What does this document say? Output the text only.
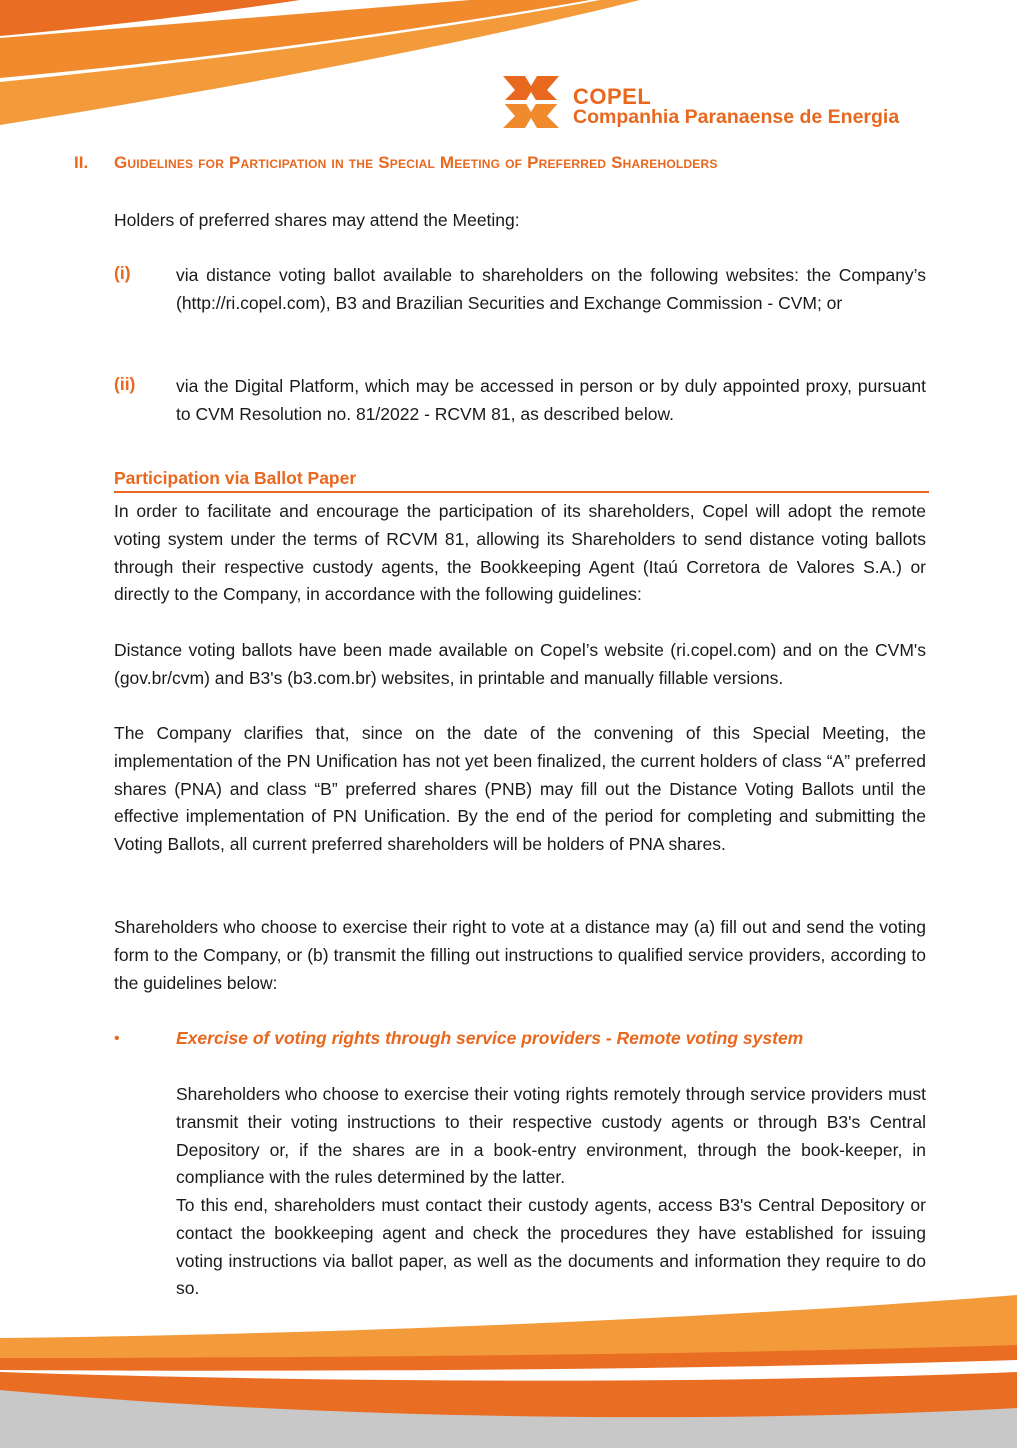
COPEL
Companhia Paranaense de Energia
II. Guidelines for Participation in the Special Meeting of Preferred Shareholders
Holders of preferred shares may attend the Meeting:
(i)	via distance voting ballot available to shareholders on the following websites: the Company’s (http://ri.copel.com), B3 and Brazilian Securities and Exchange Commission - CVM; or
(ii) via the Digital Platform, which may be accessed in person or by duly appointed proxy, pursuant to CVM Resolution no. 81/2022 - RCVM 81, as described below.
Participation via Ballot Paper
In order to facilitate and encourage the participation of its shareholders, Copel will adopt the remote voting system under the terms of RCVM 81, allowing its Shareholders to send distance voting ballots through their respective custody agents, the Bookkeeping Agent (Itaú Corretora de Valores S.A.) or directly to the Company, in accordance with the following guidelines:
Distance voting ballots have been made available on Copel’s website (ri.copel.com) and on the CVM's (gov.br/cvm) and B3's (b3.com.br) websites, in printable and manually fillable versions.
The Company clarifies that, since on the date of the convening of this Special Meeting, the implementation of the PN Unification has not yet been finalized, the current holders of class “A” preferred shares (PNA) and class “B” preferred shares (PNB) may fill out the Distance Voting Ballots until the effective implementation of PN Unification. By the end of the period for completing and submitting the Voting Ballots, all current preferred shareholders will be holders of PNA shares.
Shareholders who choose to exercise their right to vote at a distance may (a) fill out and send the voting form to the Company, or (b) transmit the filling out instructions to qualified service providers, according to the guidelines below:
•	Exercise of voting rights through service providers - Remote voting system
Shareholders who choose to exercise their voting rights remotely through service providers must transmit their voting instructions to their respective custody agents or through B3's Central Depository or, if the shares are in a book-entry environment, through the book-keeper, in compliance with the rules determined by the latter.
To this end, shareholders must contact their custody agents, access B3's Central Depository or contact the bookkeeping agent and check the procedures they have established for issuing voting instructions via ballot paper, as well as the documents and information they require to do so.
5/18
